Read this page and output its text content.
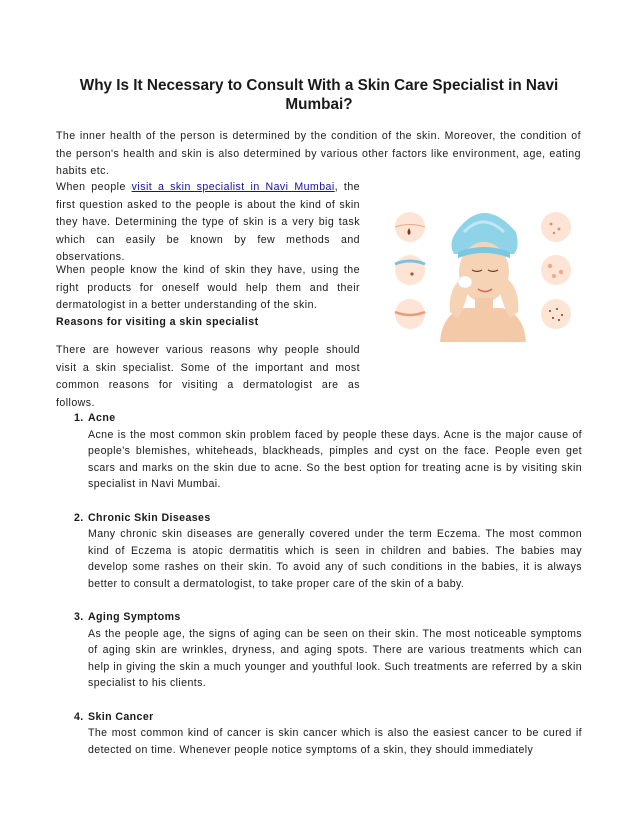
Why Is It Necessary to Consult With a Skin Care Specialist in Navi Mumbai?

The inner health of the person is determined by the condition of the skin. Moreover, the condition of the person's health and skin is also determined by various other factors like environment, age, eating habits etc.

When people visit a skin specialist in Navi Mumbai, the first question asked to the people is about the kind of skin they have. Determining the type of skin is a very big task which can easily be known by few methods and observations.

When people know the kind of skin they have, using the right products for oneself would help them and their dermatologist in a better understanding of the skin.

Reasons for visiting a skin specialist

There are however various reasons why people should visit a skin specialist. Some of the important and most common reasons for visiting a dermatologist are as follows.

1. Acne
Acne is the most common skin problem faced by people these days. Acne is the major cause of people's blemishes, whiteheads, blackheads, pimples and cyst on the face. People even get scars and marks on the skin due to acne. So the best option for treating acne is by visiting skin specialist in Navi Mumbai.
2. Chronic Skin Diseases
Many chronic skin diseases are generally covered under the term Eczema. The most common kind of Eczema is atopic dermatitis which is seen in children and babies. The babies may develop some rashes on their skin. To avoid any of such conditions in the babies, it is always better to consult a dermatologist, to take proper care of the skin of a baby.
3. Aging Symptoms
As the people age, the signs of aging can be seen on their skin. The most noticeable symptoms of aging skin are wrinkles, dryness, and aging spots. There are various treatments which can help in giving the skin a much younger and youthful look. Such treatments are referred by a skin specialist to his clients.
4. Skin Cancer
The most common kind of cancer is skin cancer which is also the easiest cancer to be cured if detected on time. Whenever people notice symptoms of a skin, they should immediately
